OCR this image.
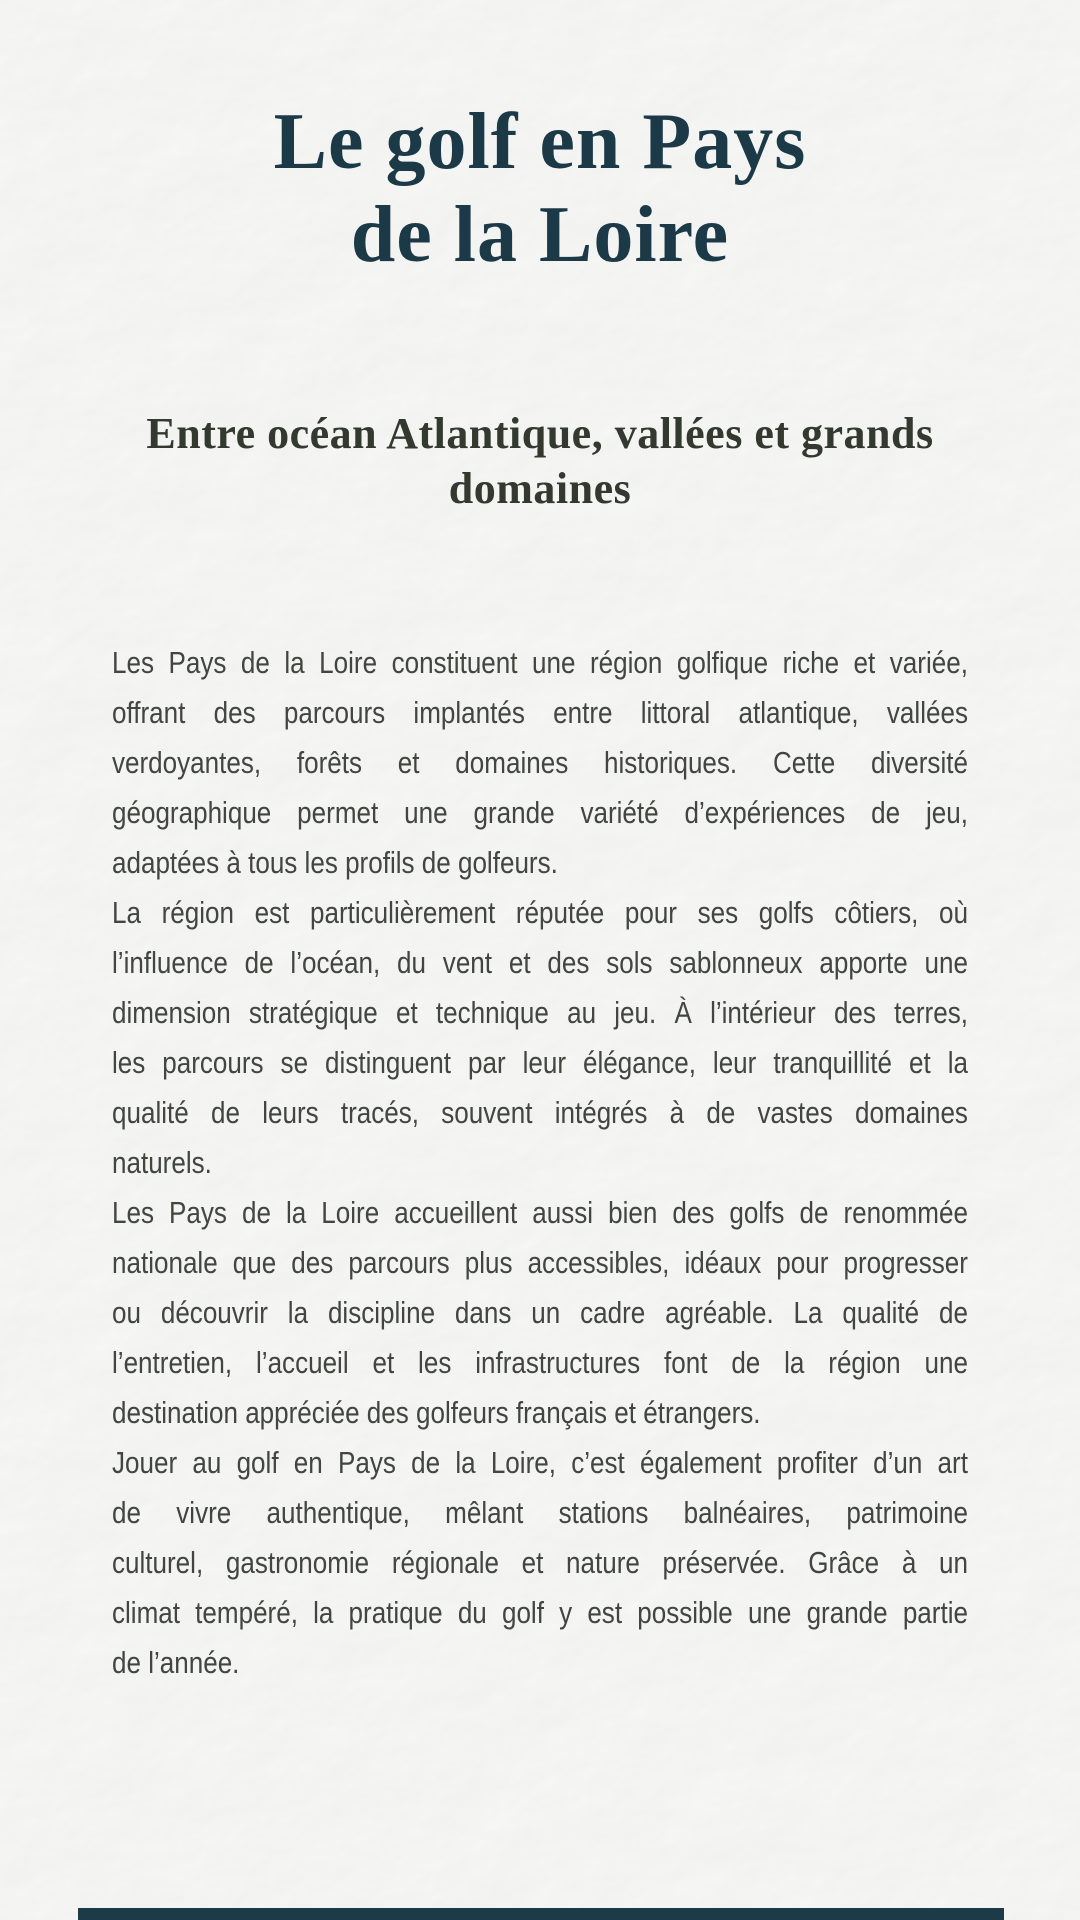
Le golf en Pays
de la Loire
Entre océan Atlantique, vallées et grands
domaines
Les Pays de la Loire constituent une région golfique riche et variée,
offrant des parcours implantés entre littoral atlantique, vallées
verdoyantes, forêts et domaines historiques. Cette diversité
géographique permet une grande variété d’expériences de jeu,
adaptées à tous les profils de golfeurs.
La région est particulièrement réputée pour ses golfs côtiers, où
l’influence de l’océan, du vent et des sols sablonneux apporte une
dimension stratégique et technique au jeu. À l’intérieur des terres,
les parcours se distinguent par leur élégance, leur tranquillité et la
qualité de leurs tracés, souvent intégrés à de vastes domaines
naturels.
Les Pays de la Loire accueillent aussi bien des golfs de renommée
nationale que des parcours plus accessibles, idéaux pour progresser
ou découvrir la discipline dans un cadre agréable. La qualité de
l’entretien, l’accueil et les infrastructures font de la région une
destination appréciée des golfeurs français et étrangers.
Jouer au golf en Pays de la Loire, c’est également profiter d’un art
de vivre authentique, mêlant stations balnéaires, patrimoine
culturel, gastronomie régionale et nature préservée. Grâce à un
climat tempéré, la pratique du golf y est possible une grande partie
de l’année.
